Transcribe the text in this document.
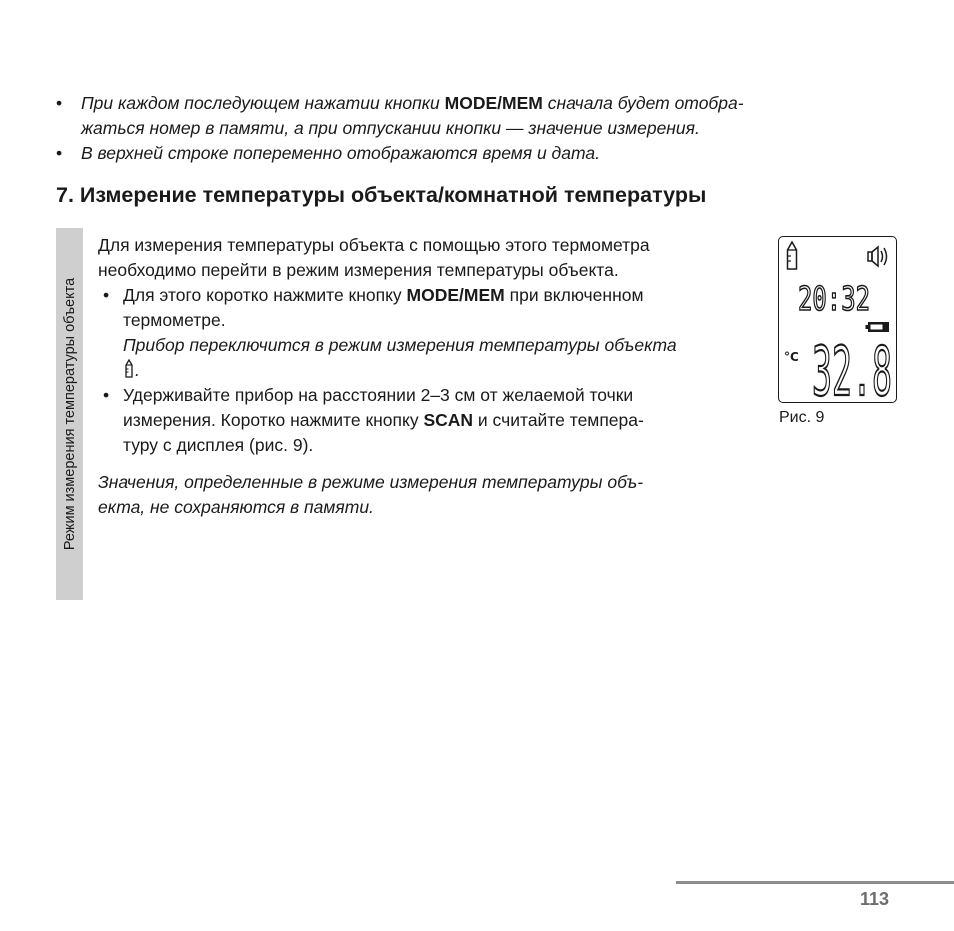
• При каждом последующем нажатии кнопки MODE/MEM сначала будет отобра-
жаться номер в памяти, а при отпускании кнопки — значение измерения.
• В верхней строке попеременно отображаются время и дата.
7. Измерение температуры объекта/комнатной температуры
Режим измерения температуры объекта

Для измерения температуры объекта с помощью этого термометра
необходимо перейти в режим измерения температуры объекта.

• Для этого коротко нажмите кнопку MODE/MEM при включенном
термометре.
Прибор переключится в режим измерения температуры объекта
.
• Удерживайте прибор на расстоянии 2–3 см от желаемой точки
измерения. Коротко нажмите кнопку SCAN и считайте темпера-
туру с дисплея (рис. 9).

Значения, определенные в режиме измерения температуры объ-
екта, не сохраняются в памяти.

20:32
°C 32.8
Рис. 9
113
